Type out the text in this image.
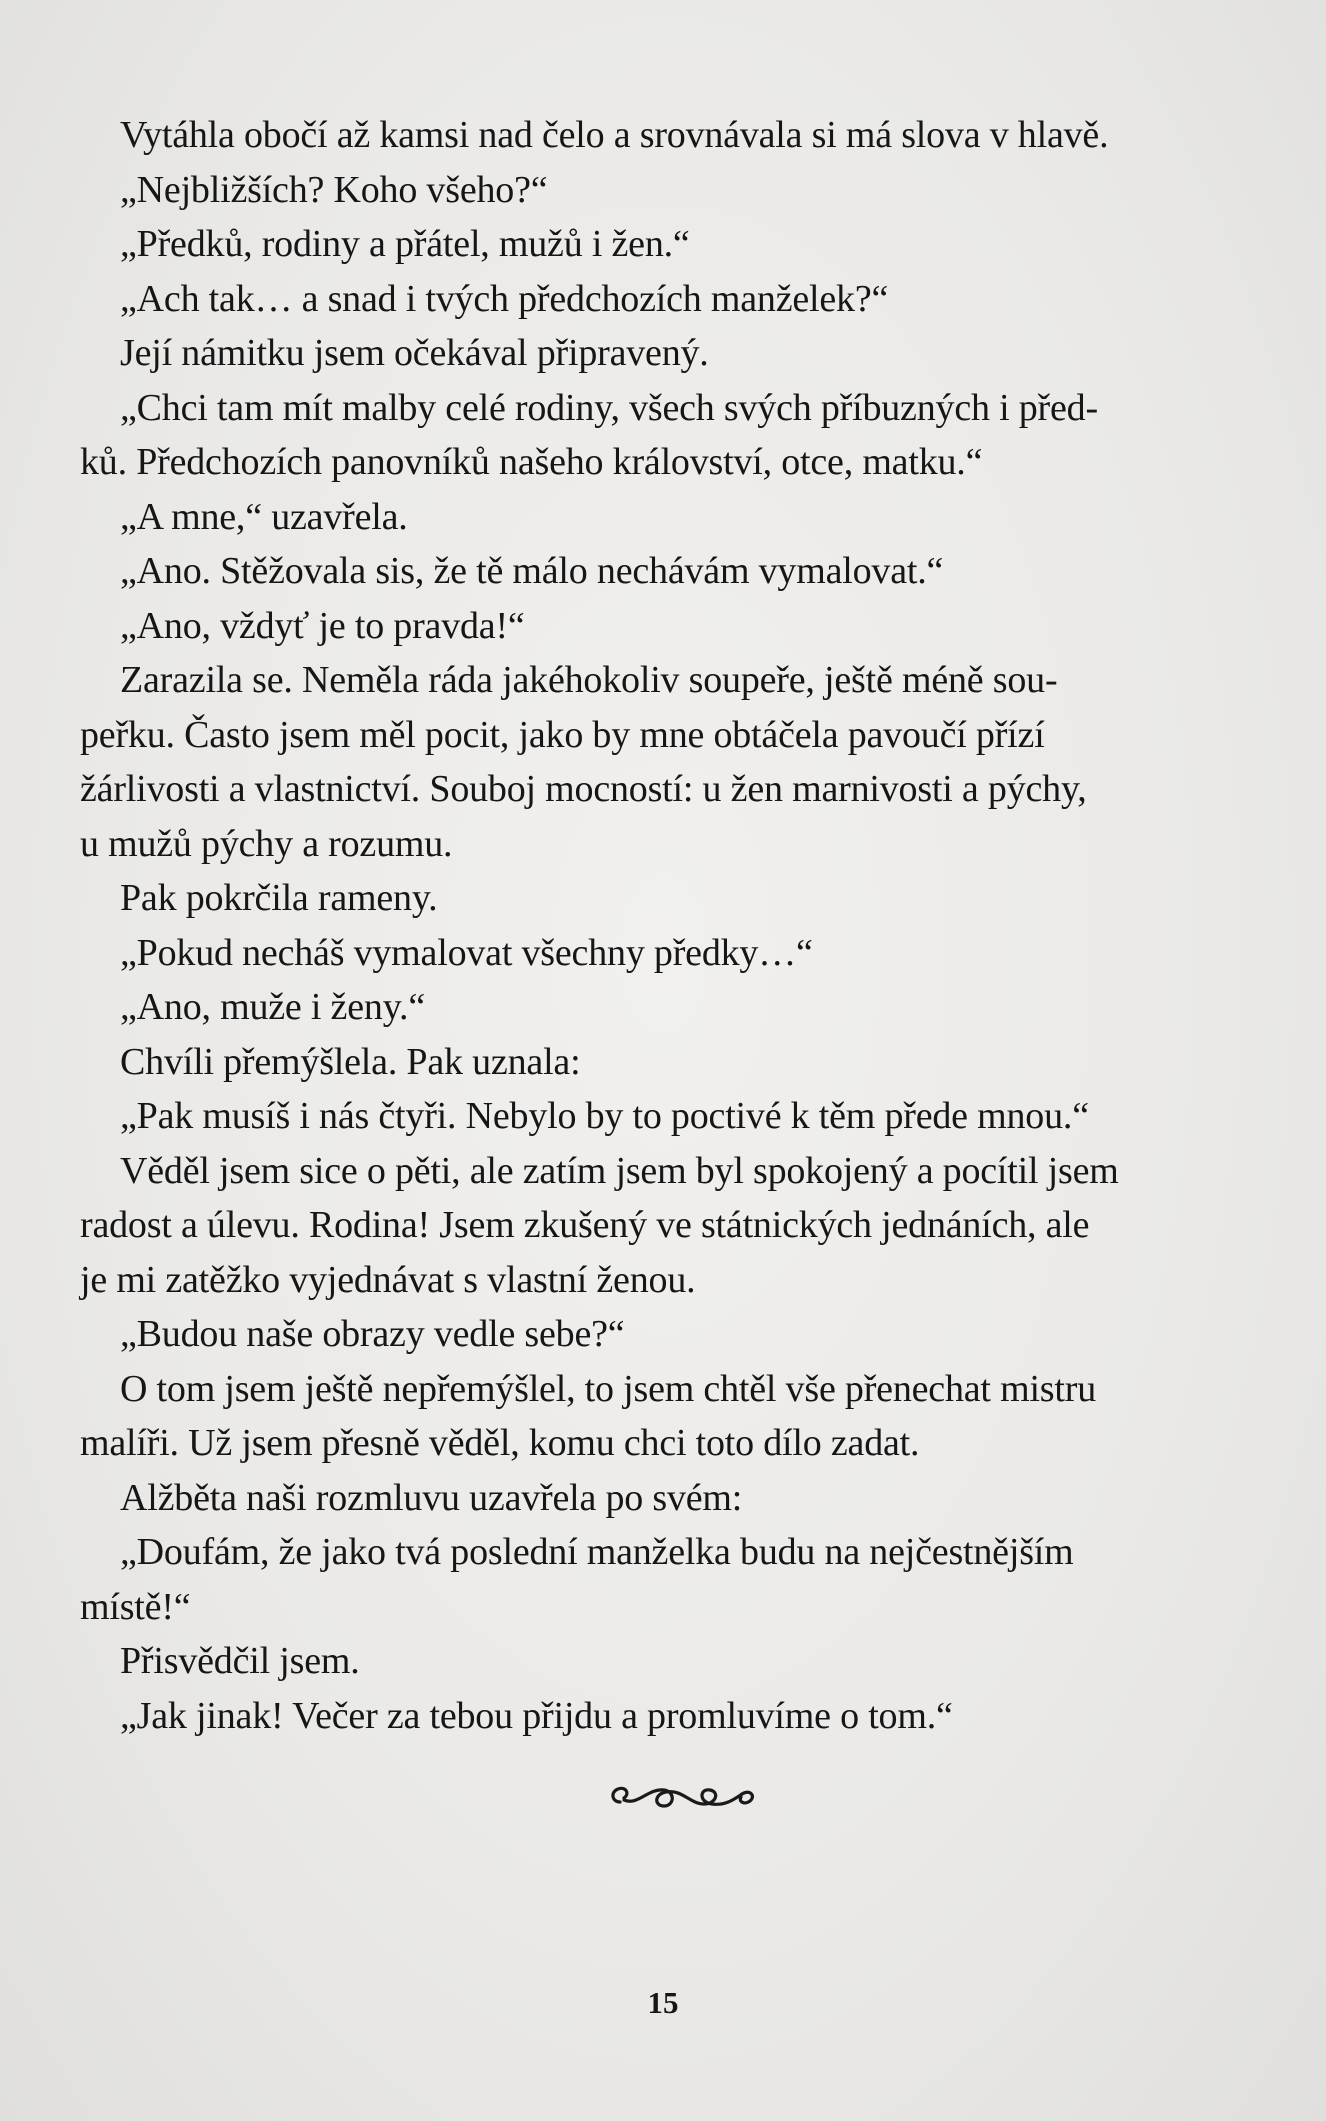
Vytáhla obočí až kamsi nad čelo a srovnávala si má slova v hlavě.
„Nejbližších? Koho všeho?“
„Předků, rodiny a přátel, mužů i žen.“
„Ach tak… a snad i tvých předchozích manželek?“
Její námitku jsem očekával připravený.
„Chci tam mít malby celé rodiny, všech svých příbuzných i před-
ků. Předchozích panovníků našeho království, otce, matku.“
„A mne,“ uzavřela.
„Ano. Stěžovala sis, že tě málo nechávám vymalovat.“
„Ano, vždyť je to pravda!“
Zarazila se. Neměla ráda jakéhokoliv soupeře, ještě méně sou-
peřku. Často jsem měl pocit, jako by mne obtáčela pavoučí přízí
žárlivosti a vlastnictví. Souboj mocností: u žen marnivosti a pýchy,
u mužů pýchy a rozumu.
Pak pokrčila rameny.
„Pokud necháš vymalovat všechny předky…“
„Ano, muže i ženy.“
Chvíli přemýšlela. Pak uznala:
„Pak musíš i nás čtyři. Nebylo by to poctivé k těm přede mnou.“
Věděl jsem sice o pěti, ale zatím jsem byl spokojený a pocítil jsem
radost a úlevu. Rodina! Jsem zkušený ve státnických jednáních, ale
je mi zatěžko vyjednávat s vlastní ženou.
„Budou naše obrazy vedle sebe?“
O tom jsem ještě nepřemýšlel, to jsem chtěl vše přenechat mistru
malíři. Už jsem přesně věděl, komu chci toto dílo zadat.
Alžběta naši rozmluvu uzavřela po svém:
„Doufám, že jako tvá poslední manželka budu na nejčestnějším
místě!“
Přisvědčil jsem.
„Jak jinak! Večer za tebou přijdu a promluvíme o tom.“
15
